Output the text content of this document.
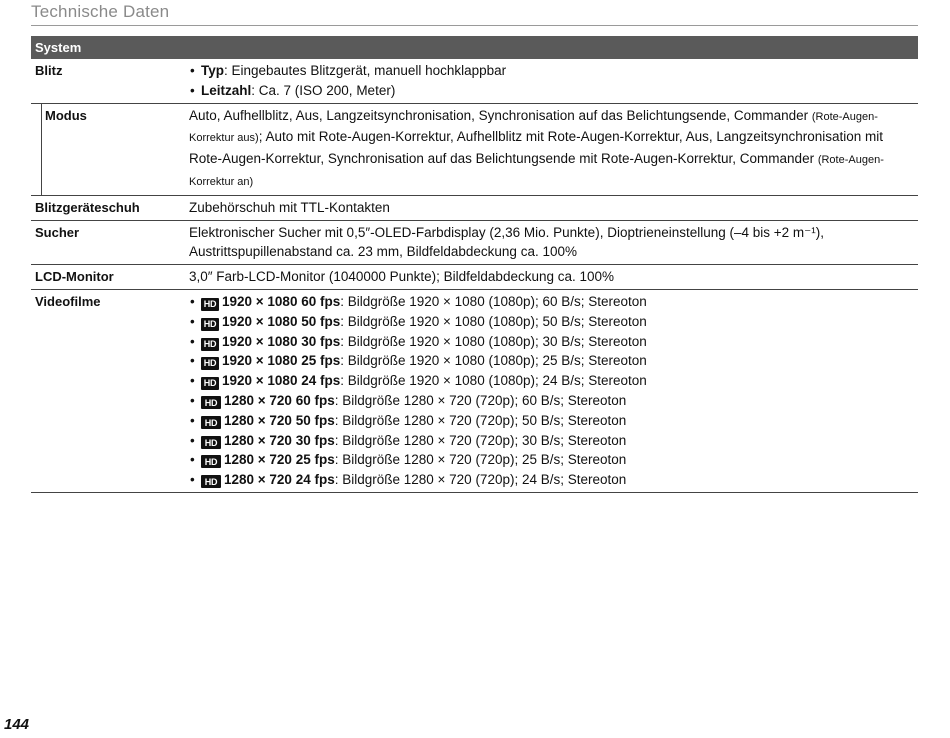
Technische Daten
System
Blitz	• Typ: Eingebautes Blitzgerät, manuell hochklappbar
• Leitzahl: Ca. 7 (ISO 200, Meter)
Modus	Auto, Aufhellblitz, Aus, Langzeitsynchronisation, Synchronisation auf das Belichtungsende, Commander (Rote-Augen-Korrektur aus); Auto mit Rote-Augen-Korrektur, Aufhellblitz mit Rote-Augen-Korrektur, Aus, Langzeitsynchronisation mit Rote-Augen-Korrektur, Synchronisation auf das Belichtungsende mit Rote-Augen-Korrektur, Commander (Rote-Augen-Korrektur an)
Blitzgeräteschuh	Zubehörschuh mit TTL-Kontakten
Sucher	Elektronischer Sucher mit 0,5″-OLED-Farbdisplay (2,36 Mio. Punkte), Dioptrieneinstellung (–4 bis +2 m⁻¹), Austrittspupillenabstand ca. 23 mm, Bildfeldabdeckung ca. 100%
LCD-Monitor	3,0″ Farb-LCD-Monitor (1040000 Punkte); Bildfeldabdeckung ca. 100%
Videofilme	• HD 1920 × 1080 60 fps: Bildgröße 1920 × 1080 (1080p); 60 B/s; Stereoton
• HD 1920 × 1080 50 fps: Bildgröße 1920 × 1080 (1080p); 50 B/s; Stereoton
• HD 1920 × 1080 30 fps: Bildgröße 1920 × 1080 (1080p); 30 B/s; Stereoton
• HD 1920 × 1080 25 fps: Bildgröße 1920 × 1080 (1080p); 25 B/s; Stereoton
• HD 1920 × 1080 24 fps: Bildgröße 1920 × 1080 (1080p); 24 B/s; Stereoton
• HD 1280 × 720 60 fps: Bildgröße 1280 × 720 (720p); 60 B/s; Stereoton
• HD 1280 × 720 50 fps: Bildgröße 1280 × 720 (720p); 50 B/s; Stereoton
• HD 1280 × 720 30 fps: Bildgröße 1280 × 720 (720p); 30 B/s; Stereoton
• HD 1280 × 720 25 fps: Bildgröße 1280 × 720 (720p); 25 B/s; Stereoton
• HD 1280 × 720 24 fps: Bildgröße 1280 × 720 (720p); 24 B/s; Stereoton
144
